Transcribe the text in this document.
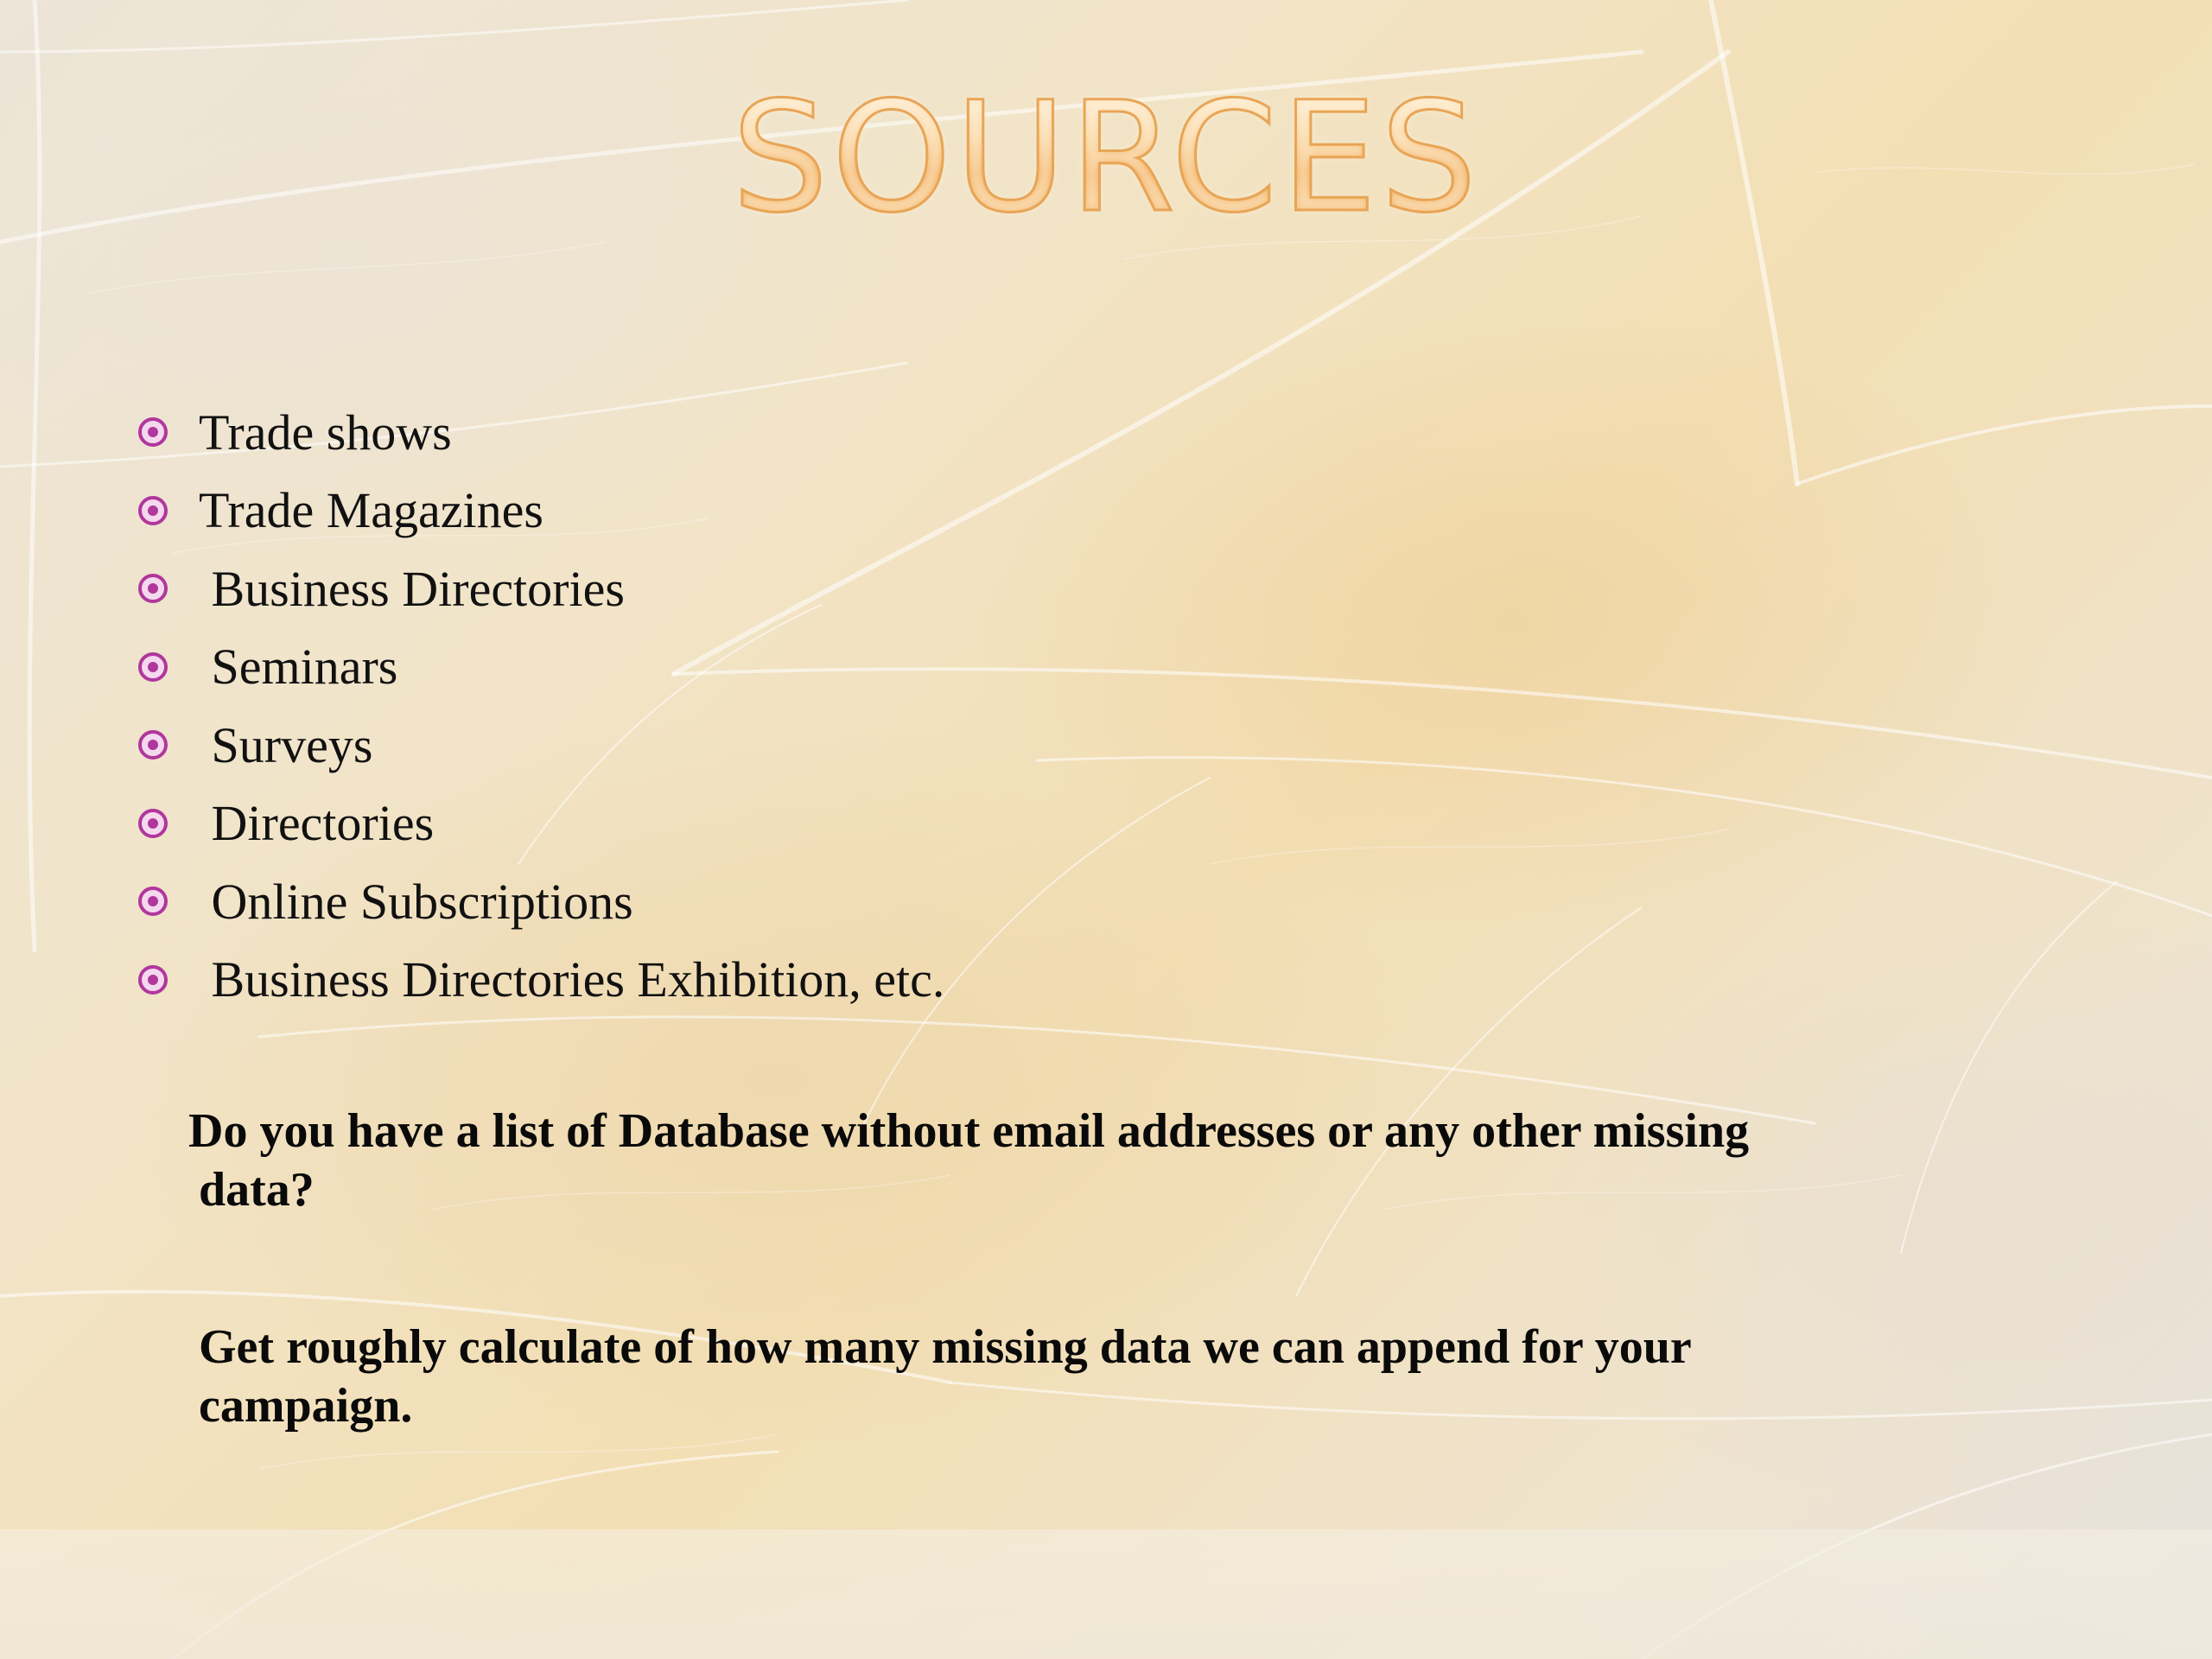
SOURCES
Trade shows
Trade Magazines
Business Directories
Seminars
Surveys
Directories
Online Subscriptions
Business Directories Exhibition, etc.

Do you have a list of Database without email addresses or any other missing
data?

Get roughly calculate of how many missing data we can append for your
campaign.
